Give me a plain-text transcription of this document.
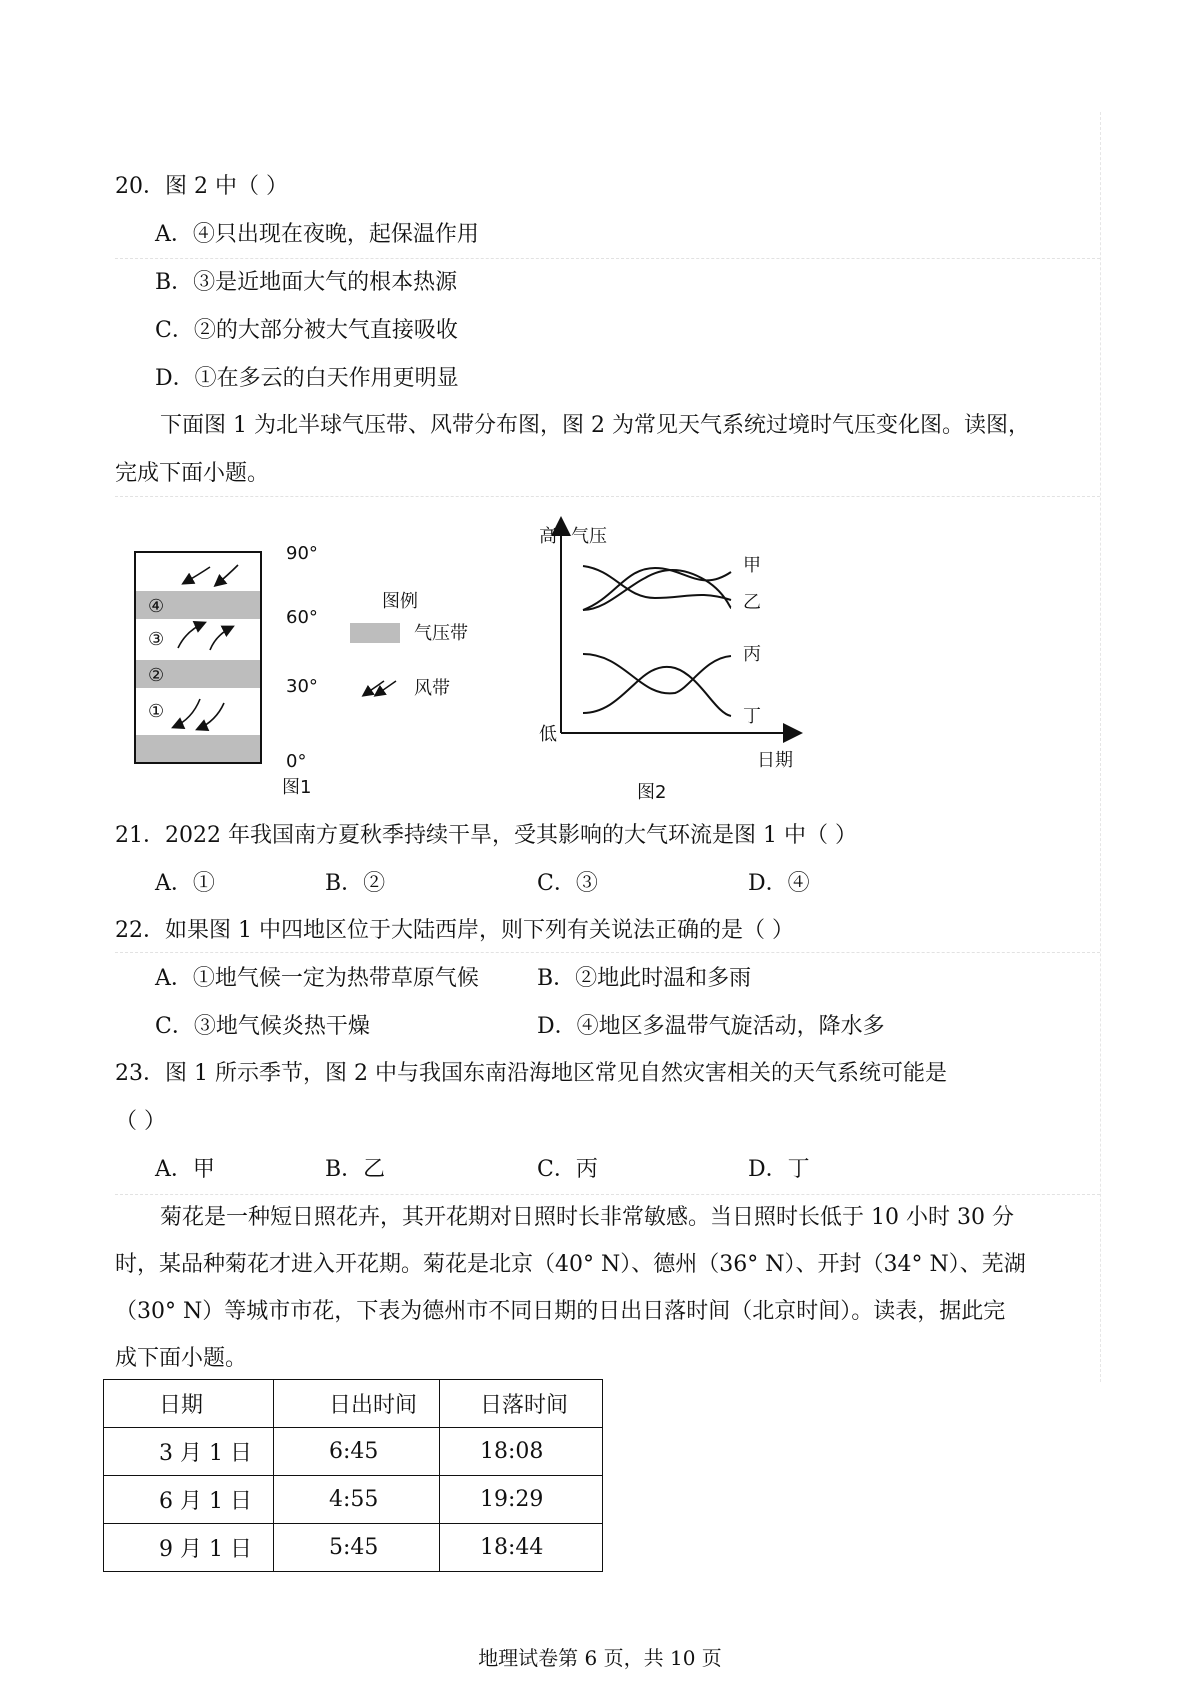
20．图 2 中（ ）
A．④只出现在夜晚，起保温作用
B．③是近地面大气的根本热源
C．②的大部分被大气直接吸收
D．①在多云的白天作用更明显
下面图 1 为北半球气压带、风带分布图，图 2 为常见天气系统过境时气压变化图。读图，
完成下面小题。
④
③
②
①
90°
60°
30°
0°
图例
气压带
风带
图1
高 气压
低
日期
甲
乙
丙
丁
图2
21．2022 年我国南方夏秋季持续干旱，受其影响的大气环流是图 1 中（ ）
A．①	B．②	C．③	D．④
22．如果图 1 中四地区位于大陆西岸，则下列有关说法正确的是（ ）
A．①地气候一定为热带草原气候	B．②地此时温和多雨
C．③地气候炎热干燥	D．④地区多温带气旋活动，降水多
23．图 1 所示季节，图 2 中与我国东南沿海地区常见自然灾害相关的天气系统可能是
（ ）
A．甲	B．乙	C．丙	D．丁
菊花是一种短日照花卉，其开花期对日照时长非常敏感。当日照时长低于 10 小时 30 分
时，某品种菊花才进入开花期。菊花是北京（40° N）、德州（36° N）、开封（34° N）、芜湖
（30° N）等城市市花，下表为德州市不同日期的日出日落时间（北京时间）。读表，据此完
成下面小题。
日期	日出时间	日落时间

3 月 1 日	6:45	18:08

6 月 1 日	4:55	19:29

9 月 1 日	5:45	18:44
地理试卷第 6 页，共 10 页
